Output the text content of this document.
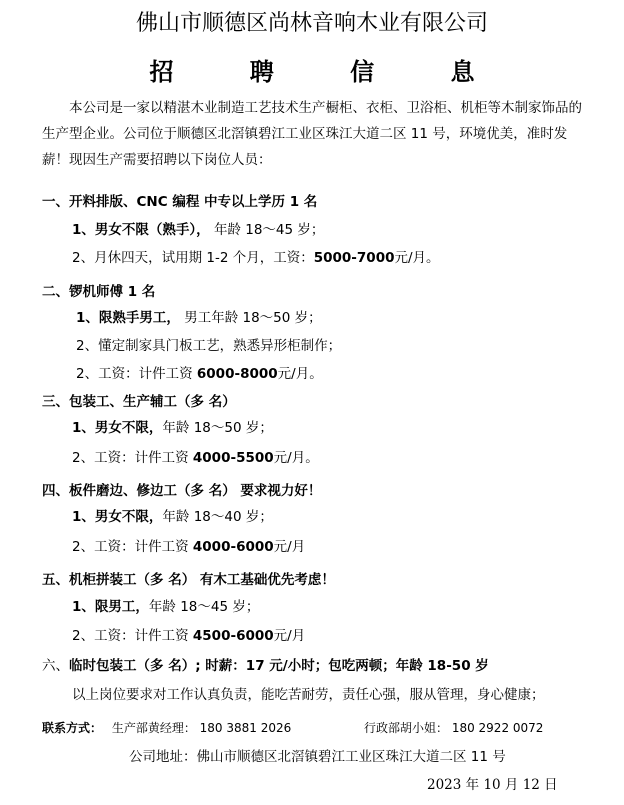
佛山市顺德区尚林音响木业有限公司
招 聘 信 息
本公司是一家以精湛木业制造工艺技术生产橱柜、衣柜、卫浴柜、机柜等木制家饰品的生产型企业。公司位于顺德区北滘镇碧江工业区珠江大道二区 11 号，环境优美，准时发薪！现因生产需要招聘以下岗位人员：
一、开料排版、CNC 编程 中专以上学历 1 名
1、男女不限（熟手）， 年龄 18～45 岁；
2、月休四天，试用期 1-2 个月，工资：5000-7000元/月。
二、锣机师傅 1 名
1、限熟手男工， 男工年龄 18～50 岁；
2、懂定制家具门板工艺，熟悉异形柜制作；
2、工资：计件工资 6000-8000元/月。
三、包装工、生产辅工（多 名）
1、男女不限，年龄 18～50 岁；
2、工资：计件工资 4000-5500元/月。
四、板件磨边、修边工（多 名） 要求视力好！
1、男女不限，年龄 18～40 岁；
2、工资：计件工资 4000-6000元/月
五、机柜拼装工（多 名） 有木工基础优先考虑！
1、限男工，年龄 18～45 岁；
2、工资：计件工资 4500-6000元/月
六、临时包装工（多 名）; 时薪：17 元/小时；包吃两顿；年龄 18-50 岁
以上岗位要求对工作认真负责，能吃苦耐劳，责任心强，服从管理，身心健康；
联系方式： 生产部黄经理： 180 3881 2026	行政部胡小姐： 180 2922 0072
公司地址：佛山市顺德区北滘镇碧江工业区珠江大道二区 11 号
2023 年 10 月 12 日
